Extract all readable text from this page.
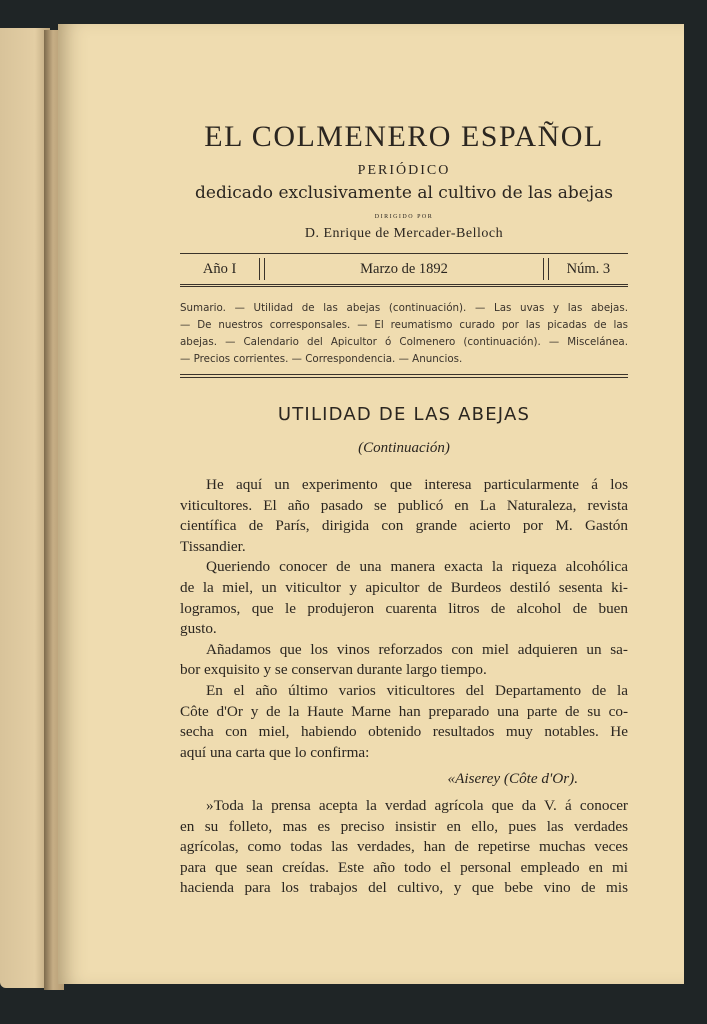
EL COLMENERO ESPAÑOL
PERIÓDICO
dedicado exclusivamente al cultivo de las abejas
DIRIGIDO POR
D. Enrique de Mercader-Belloch
Año I	Marzo de 1892	Núm. 3
Sumario. — Utilidad de las abejas (continuación). — Las uvas y las abejas.
— De nuestros corresponsales. — El reumatismo curado por las picadas de las
abejas. — Calendario del Apicultor ó Colmenero (continuación). — Miscelánea.
— Precios corrientes. — Correspondencia. — Anuncios.
UTILIDAD DE LAS ABEJAS
(Continuación)
He aquí un experimento que interesa particularmente á los
viticultores. El año pasado se publicó en La Naturaleza, revista
científica de París, dirigida con grande acierto por M. Gastón
Tissandier.
Queriendo conocer de una manera exacta la riqueza alcohólica
de la miel, un viticultor y apicultor de Burdeos destiló sesenta ki-
logramos, que le produjeron cuarenta litros de alcohol de buen
gusto.
Añadamos que los vinos reforzados con miel adquieren un sa-
bor exquisito y se conservan durante largo tiempo.
En el año último varios viticultores del Departamento de la
Côte d'Or y de la Haute Marne han preparado una parte de su co-
secha con miel, habiendo obtenido resultados muy notables. He
aquí una carta que lo confirma:
«Aiserey (Côte d'Or).
»Toda la prensa acepta la verdad agrícola que da V. á conocer
en su folleto, mas es preciso insistir en ello, pues las verdades
agrícolas, como todas las verdades, han de repetirse muchas veces
para que sean creídas. Este año todo el personal empleado en mi
hacienda para los trabajos del cultivo, y que bebe vino de mis
